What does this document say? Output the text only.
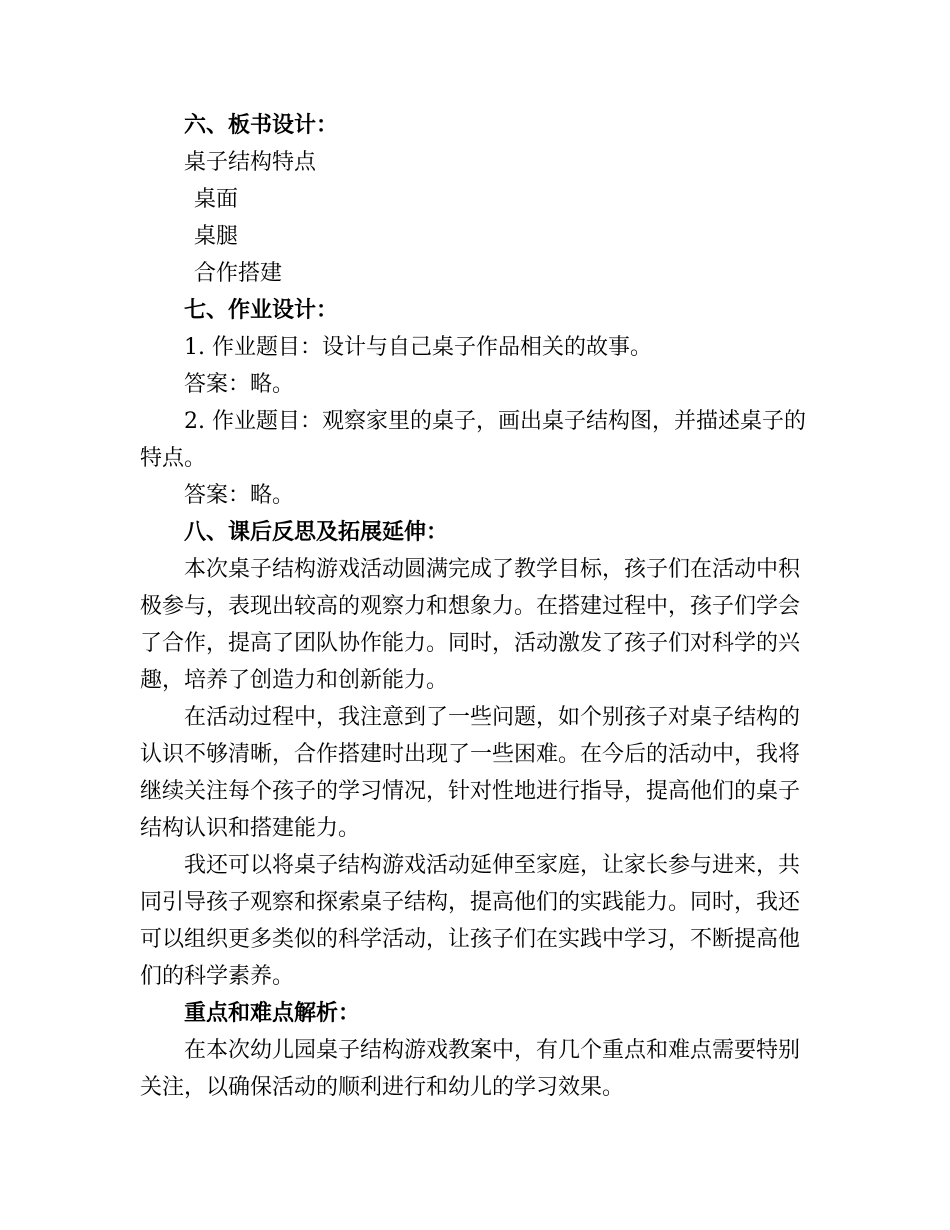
六、板书设计：
桌子结构特点
桌面
桌腿
合作搭建
七、作业设计：
1. 作业题目：设计与自己桌子作品相关的故事。
答案：略。
2. 作业题目：观察家里的桌子，画出桌子结构图，并描述桌子的
特点。
答案：略。
八、课后反思及拓展延伸：
本次桌子结构游戏活动圆满完成了教学目标，孩子们在活动中积
极参与，表现出较高的观察力和想象力。在搭建过程中，孩子们学会
了合作，提高了团队协作能力。同时，活动激发了孩子们对科学的兴
趣，培养了创造力和创新能力。
在活动过程中，我注意到了一些问题，如个别孩子对桌子结构的
认识不够清晰，合作搭建时出现了一些困难。在今后的活动中，我将
继续关注每个孩子的学习情况，针对性地进行指导，提高他们的桌子
结构认识和搭建能力。
我还可以将桌子结构游戏活动延伸至家庭，让家长参与进来，共
同引导孩子观察和探索桌子结构，提高他们的实践能力。同时，我还
可以组织更多类似的科学活动，让孩子们在实践中学习，不断提高他
们的科学素养。
重点和难点解析：
在本次幼儿园桌子结构游戏教案中，有几个重点和难点需要特别
关注，以确保活动的顺利进行和幼儿的学习效果。
